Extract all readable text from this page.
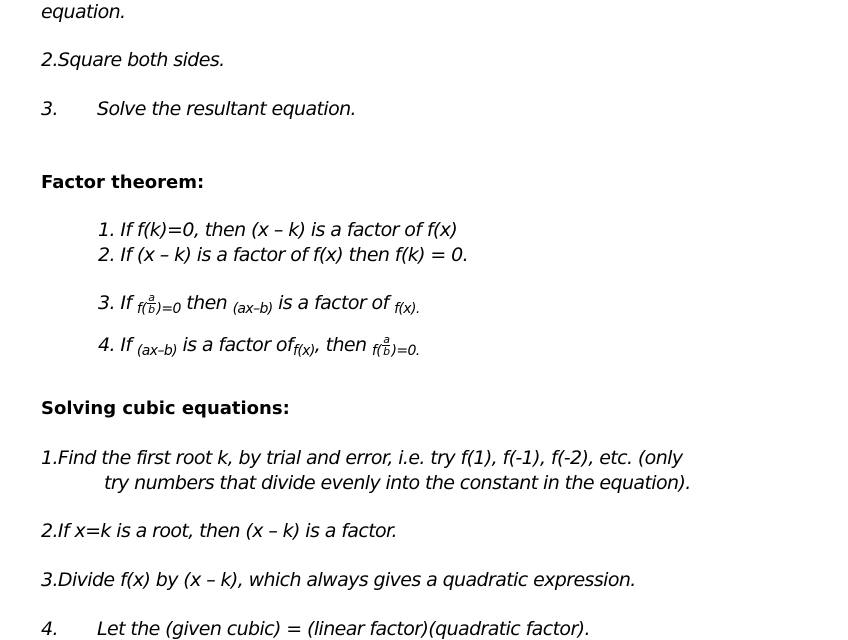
equation.
2.Square both sides.
3. Solve the resultant equation.
Factor theorem:
1. If f(k)=0, then (x – k) is a factor of f(x)
2. If (x – k) is a factor of f(x) then f(k) = 0.
3. If $f( \frac{a}{b} )=0$ then (ax–b) is a factor of f(x).
4. If (ax–b) is a factor off(x), then $f( \frac{a}{b} )=0$.
Solving cubic equations:
1.Find the first root k, by trial and error, i.e. try f(1), f(-1), f(-2), etc. (only
try numbers that divide evenly into the constant in the equation).
2.If x=k is a root, then (x – k) is a factor.
3.Divide f(x) by (x – k), which always gives a quadratic expression.
4. Let the (given cubic) = (linear factor)(quadratic factor).
